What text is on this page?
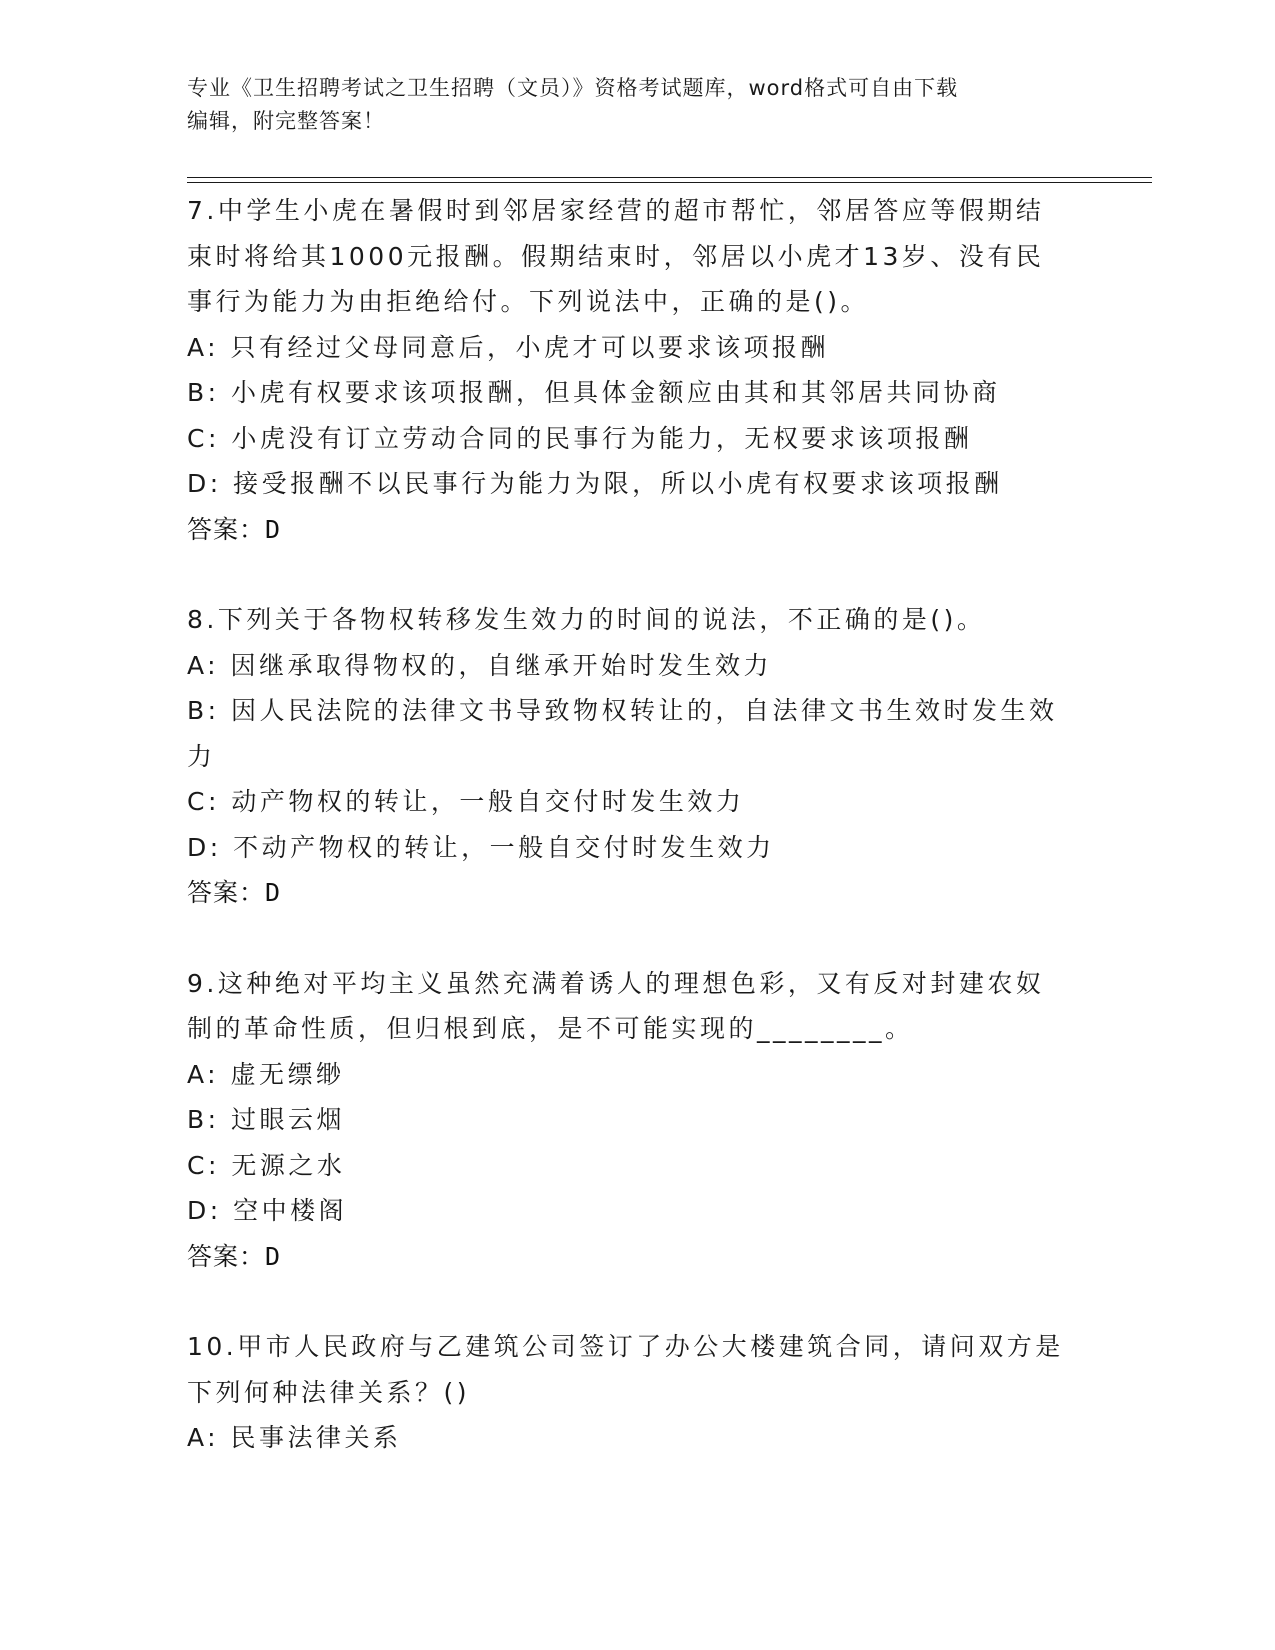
专业《卫生招聘考试之卫生招聘（文员）》资格考试题库，word格式可自由下载
编辑，附完整答案！

7.中学生小虎在暑假时到邻居家经营的超市帮忙，邻居答应等假期结

束时将给其1000元报酬。假期结束时，邻居以小虎才13岁、没有民

事行为能力为由拒绝给付。下列说法中，正确的是()。

A: 只有经过父母同意后，小虎才可以要求该项报酬

B: 小虎有权要求该项报酬，但具体金额应由其和其邻居共同协商

C: 小虎没有订立劳动合同的民事行为能力，无权要求该项报酬

D: 接受报酬不以民事行为能力为限，所以小虎有权要求该项报酬

答案：D

8.下列关于各物权转移发生效力的时间的说法，不正确的是()。

A: 因继承取得物权的，自继承开始时发生效力

B: 因人民法院的法律文书导致物权转让的，自法律文书生效时发生效

力

C: 动产物权的转让，一般自交付时发生效力

D: 不动产物权的转让，一般自交付时发生效力

答案：D

9.这种绝对平均主义虽然充满着诱人的理想色彩，又有反对封建农奴

制的革命性质，但归根到底，是不可能实现的________。

A: 虚无缥缈

B: 过眼云烟

C: 无源之水

D: 空中楼阁

答案：D

10.甲市人民政府与乙建筑公司签订了办公大楼建筑合同，请问双方是

下列何种法律关系？()

A: 民事法律关系
